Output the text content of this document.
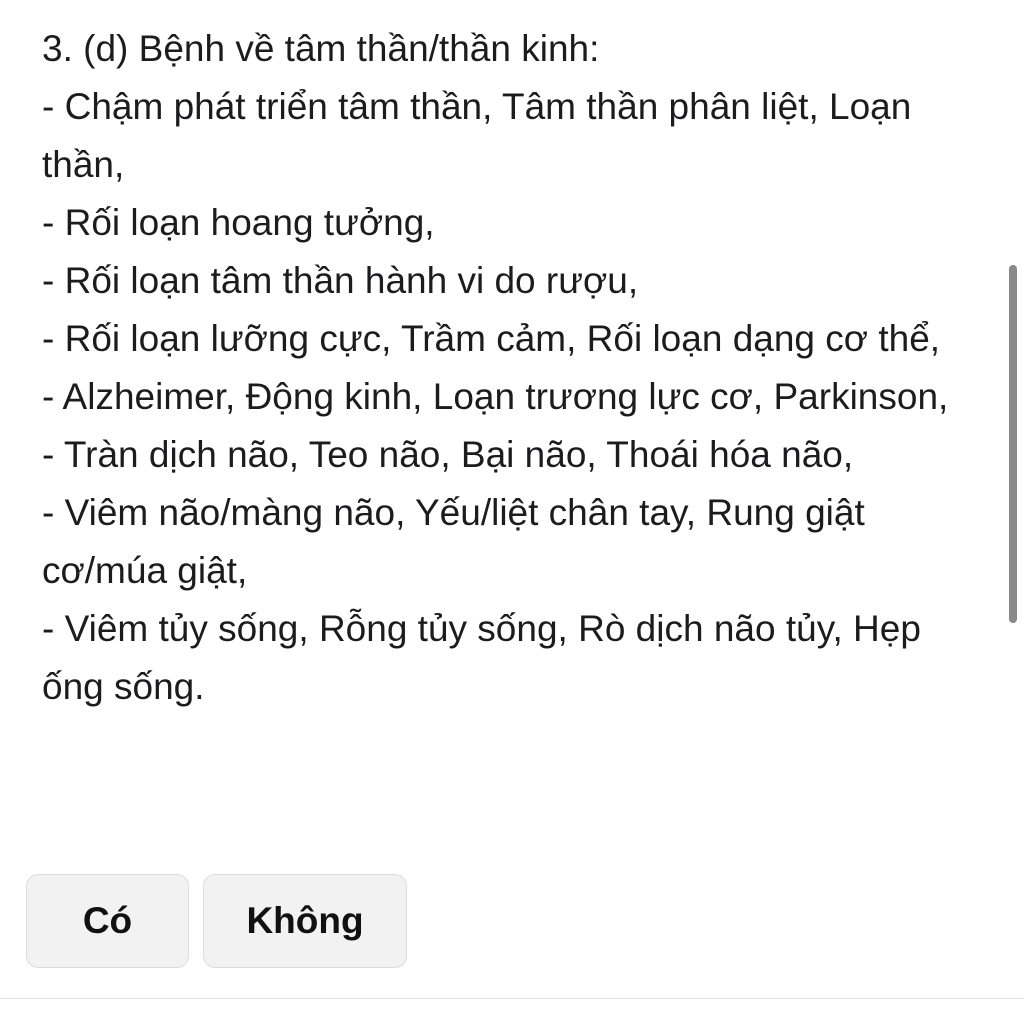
3. (d) Bệnh về tâm thần/thần kinh:
- Chậm phát triển tâm thần, Tâm thần phân liệt, Loạn thần,
- Rối loạn hoang tưởng,
- Rối loạn tâm thần hành vi do rượu,
- Rối loạn lưỡng cực, Trầm cảm, Rối loạn dạng cơ thể,
- Alzheimer, Động kinh, Loạn trương lực cơ, Parkinson,
- Tràn dịch não, Teo não, Bại não, Thoái hóa não,
- Viêm não/màng não, Yếu/liệt chân tay, Rung giật cơ/múa giật,
- Viêm tủy sống, Rỗng tủy sống, Rò dịch não tủy, Hẹp ống sống.
Có	Không
